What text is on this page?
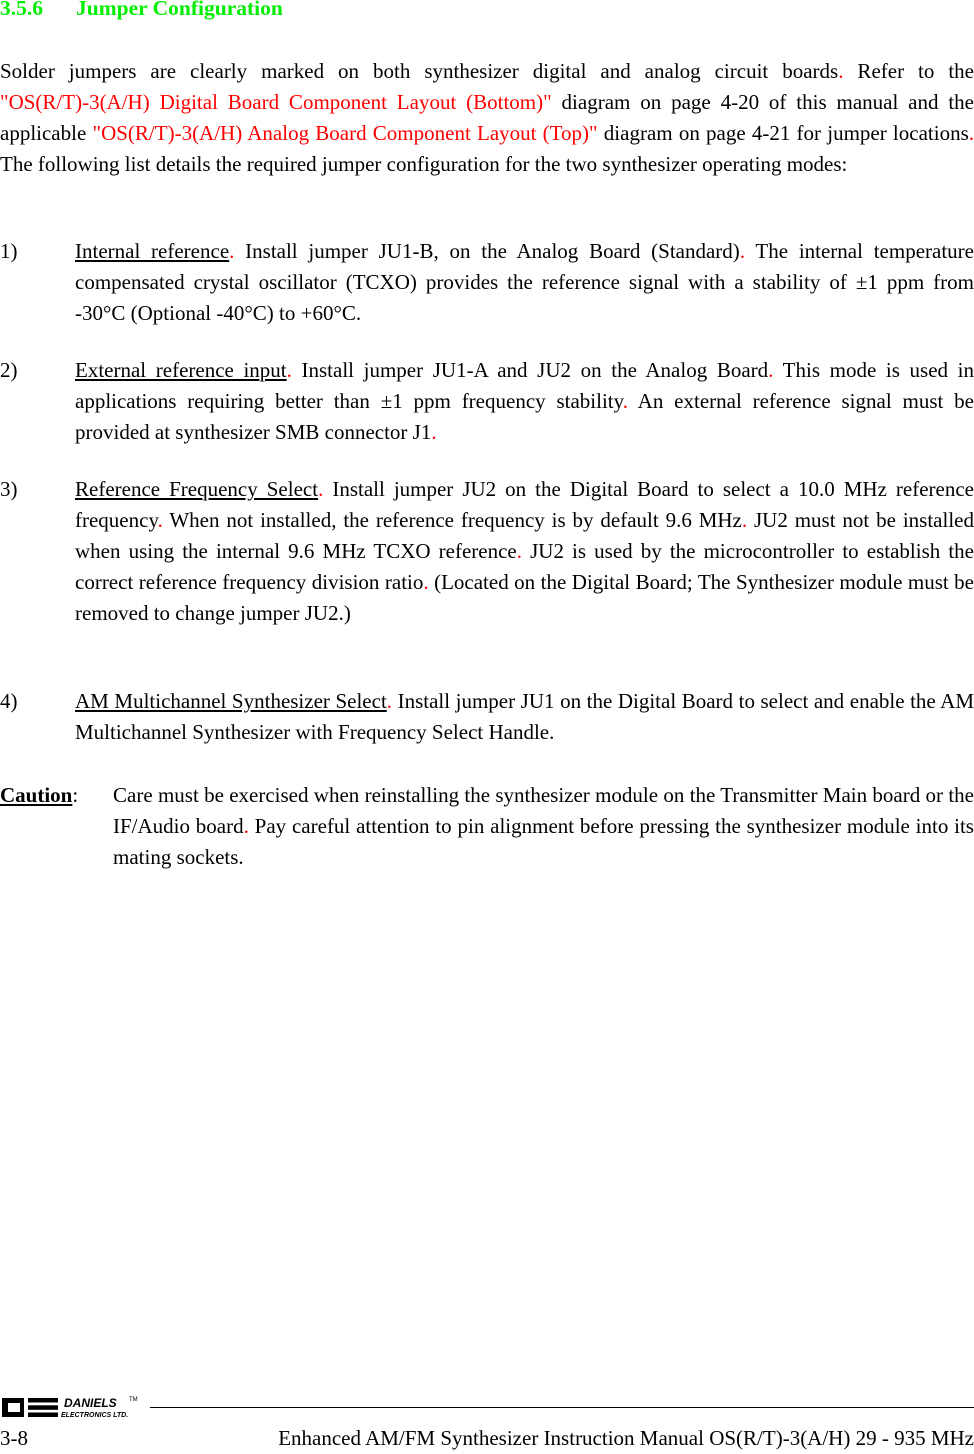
3.5.6 Jumper Configuration

Solder jumpers are clearly marked on both synthesizer digital and analog circuit boards. Refer to the "OS(R/T)-3(A/H) Digital Board Component Layout (Bottom)" diagram on page 4-20 of this manual and the applicable "OS(R/T)-3(A/H) Analog Board Component Layout (Top)" diagram on page 4-21 for jumper locations. The following list details the required jumper configuration for the two synthesizer operating modes:

1)	Internal reference. Install jumper JU1-B, on the Analog Board (Standard). The internal temperature compensated crystal oscillator (TCXO) provides the reference signal with a stability of ±1 ppm from -30°C (Optional -40°C) to +60°C.
2)	External reference input. Install jumper JU1-A and JU2 on the Analog Board. This mode is used in applications requiring better than ±1 ppm frequency stability. An external reference signal must be provided at synthesizer SMB connector J1.
3)	Reference Frequency Select. Install jumper JU2 on the Digital Board to select a 10.0 MHz reference frequency. When not installed, the reference frequency is by default 9.6 MHz. JU2 must not be installed when using the internal 9.6 MHz TCXO reference. JU2 is used by the microcontroller to establish the correct reference frequency division ratio. (Located on the Digital Board; The Synthesizer module must be removed to change jumper JU2.)
4)	AM Multichannel Synthesizer Select. Install jumper JU1 on the Digital Board to select and enable the AM Multichannel Synthesizer with Frequency Select Handle.
Caution: Care must be exercised when reinstalling the synthesizer module on the Transmitter Main board or the IF/Audio board. Pay careful attention to pin alignment before pressing the synthesizer module into its mating sockets.
DANIELS TM
ELECTRONICS LTD.
3-8	Enhanced AM/FM Synthesizer Instruction Manual OS(R/T)-3(A/H) 29 - 935 MHz
